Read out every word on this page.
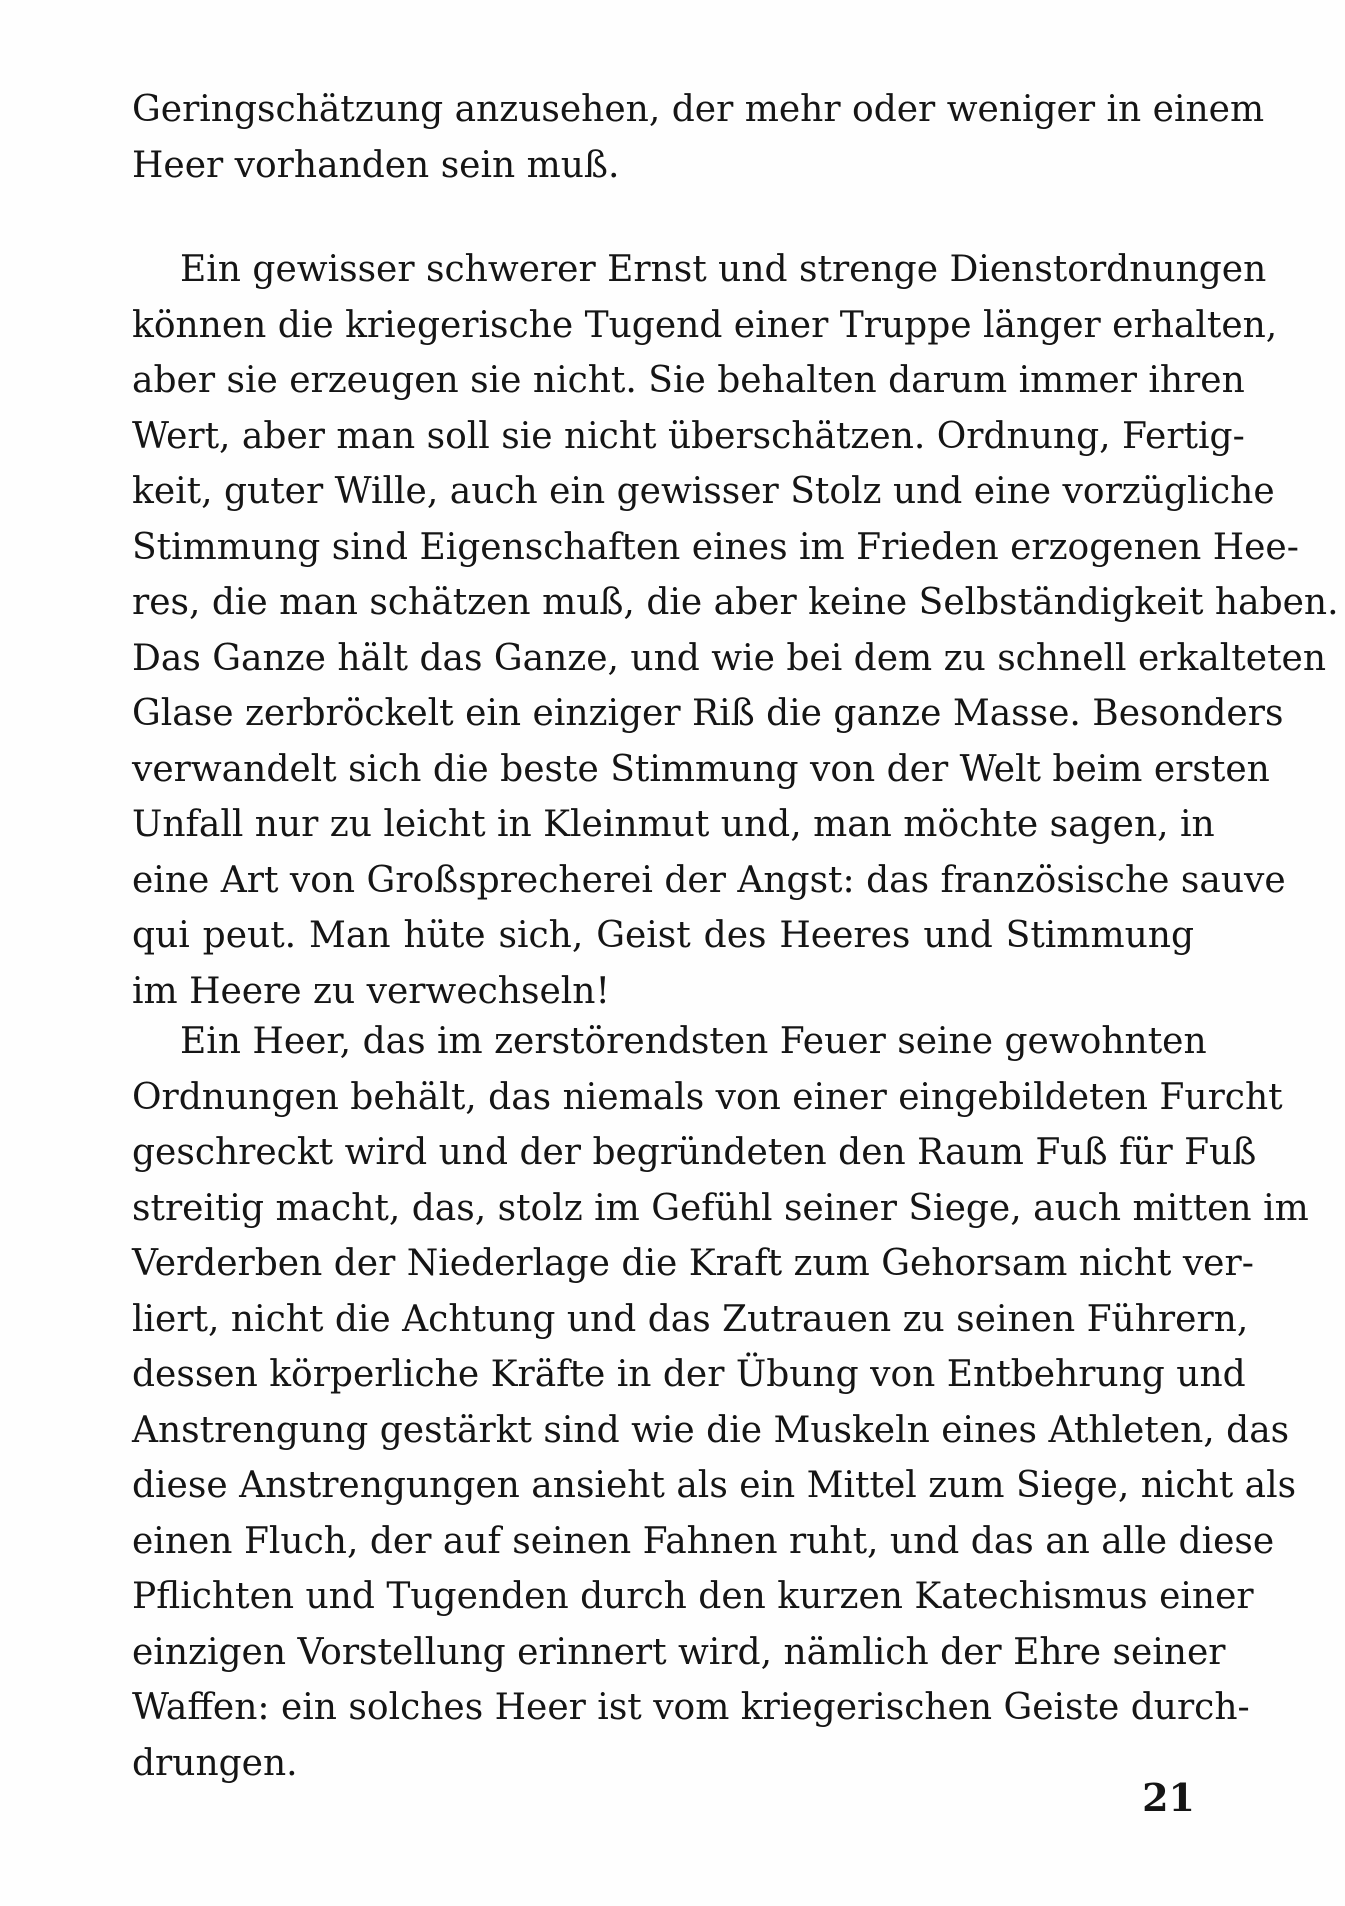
Geringschätzung anzusehen, der mehr oder weniger in einem
Heer vorhanden sein muß.
Ein gewisser schwerer Ernst und strenge Dienstordnungen
können die kriegerische Tugend einer Truppe länger erhalten,
aber sie erzeugen sie nicht. Sie behalten darum immer ihren
Wert, aber man soll sie nicht überschätzen. Ordnung, Fertig-
keit, guter Wille, auch ein gewisser Stolz und eine vorzügliche
Stimmung sind Eigenschaften eines im Frieden erzogenen Hee-
res, die man schätzen muß, die aber keine Selbständigkeit haben.
Das Ganze hält das Ganze, und wie bei dem zu schnell erkalteten
Glase zerbröckelt ein einziger Riß die ganze Masse. Besonders
verwandelt sich die beste Stimmung von der Welt beim ersten
Unfall nur zu leicht in Kleinmut und, man möchte sagen, in
eine Art von Großsprecherei der Angst: das französische sauve
qui peut. Man hüte sich, Geist des Heeres und Stimmung
im Heere zu verwechseln!
Ein Heer, das im zerstörendsten Feuer seine gewohnten
Ordnungen behält, das niemals von einer eingebildeten Furcht
geschreckt wird und der begründeten den Raum Fuß für Fuß
streitig macht, das, stolz im Gefühl seiner Siege, auch mitten im
Verderben der Niederlage die Kraft zum Gehorsam nicht ver-
liert, nicht die Achtung und das Zutrauen zu seinen Führern,
dessen körperliche Kräfte in der Übung von Entbehrung und
Anstrengung gestärkt sind wie die Muskeln eines Athleten, das
diese Anstrengungen ansieht als ein Mittel zum Siege, nicht als
einen Fluch, der auf seinen Fahnen ruht, und das an alle diese
Pflichten und Tugenden durch den kurzen Katechismus einer
einzigen Vorstellung erinnert wird, nämlich der Ehre seiner
Waffen: ein solches Heer ist vom kriegerischen Geiste durch-
drungen.
21
